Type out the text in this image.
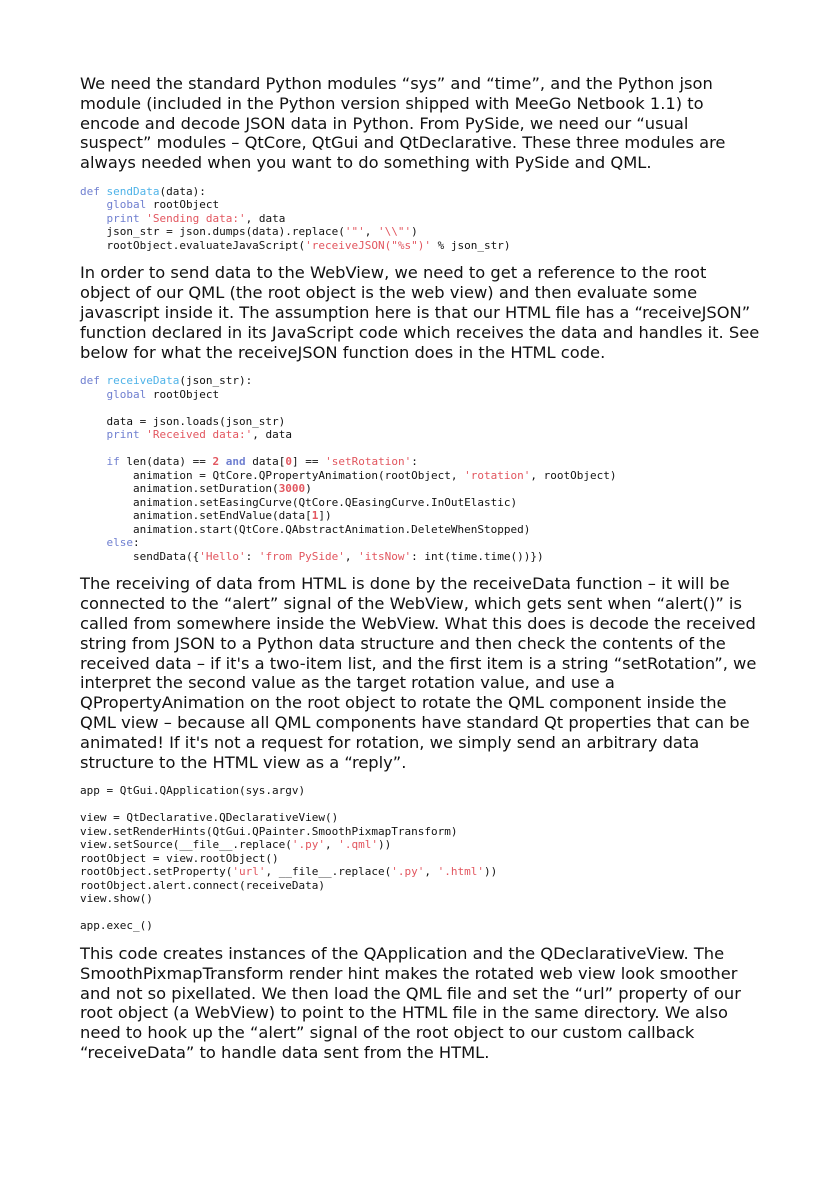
We need the standard Python modules “sys” and “time”, and the Python json module (included in the Python version shipped with MeeGo Netbook 1.1) to encode and decode JSON data in Python. From PySide, we need our “usual suspect” modules – QtCore, QtGui and QtDeclarative. These three modules are always needed when you want to do something with PySide and QML.

def sendData(data):
global rootObject
print 'Sending data:', data
json_str = json.dumps(data).replace('"', '\\"')
rootObject.evaluateJavaScript('receiveJSON("%s")' % json_str)

In order to send data to the WebView, we need to get a reference to the root object of our QML (the root object is the web view) and then evaluate some javascript inside it. The assumption here is that our HTML file has a “receiveJSON” function declared in its JavaScript code which receives the data and handles it. See below for what the receiveJSON function does in the HTML code.

def receiveData(json_str):
global rootObject
data = json.loads(json_str)
print 'Received data:', data
if len(data) == 2 and data[0] == 'setRotation':
animation = QtCore.QPropertyAnimation(rootObject, 'rotation', rootObject)
animation.setDuration(3000)
animation.setEasingCurve(QtCore.QEasingCurve.InOutElastic)
animation.setEndValue(data[1])
animation.start(QtCore.QAbstractAnimation.DeleteWhenStopped)
else:
sendData({'Hello': 'from PySide', 'itsNow': int(time.time())})

The receiving of data from HTML is done by the receiveData function – it will be connected to the “alert” signal of the WebView, which gets sent when “alert()” is called from somewhere inside the WebView. What this does is decode the received string from JSON to a Python data structure and then check the contents of the received data – if it's a two-item list, and the first item is a string “setRotation”, we interpret the second value as the target rotation value, and use a QPropertyAnimation on the root object to rotate the QML component inside the QML view – because all QML components have standard Qt properties that can be animated! If it's not a request for rotation, we simply send an arbitrary data structure to the HTML view as a “reply”.

app = QtGui.QApplication(sys.argv)
view = QtDeclarative.QDeclarativeView()
view.setRenderHints(QtGui.QPainter.SmoothPixmapTransform)
view.setSource(__file__.replace('.py', '.qml'))
rootObject = view.rootObject()
rootObject.setProperty('url', __file__.replace('.py', '.html'))
rootObject.alert.connect(receiveData)
view.show()
app.exec_()

This code creates instances of the QApplication and the QDeclarativeView. The SmoothPixmapTransform render hint makes the rotated web view look smoother and not so pixellated. We then load the QML file and set the “url” property of our root object (a WebView) to point to the HTML file in the same directory. We also need to hook up the “alert” signal of the root object to our custom callback “receiveData” to handle data sent from the HTML.
